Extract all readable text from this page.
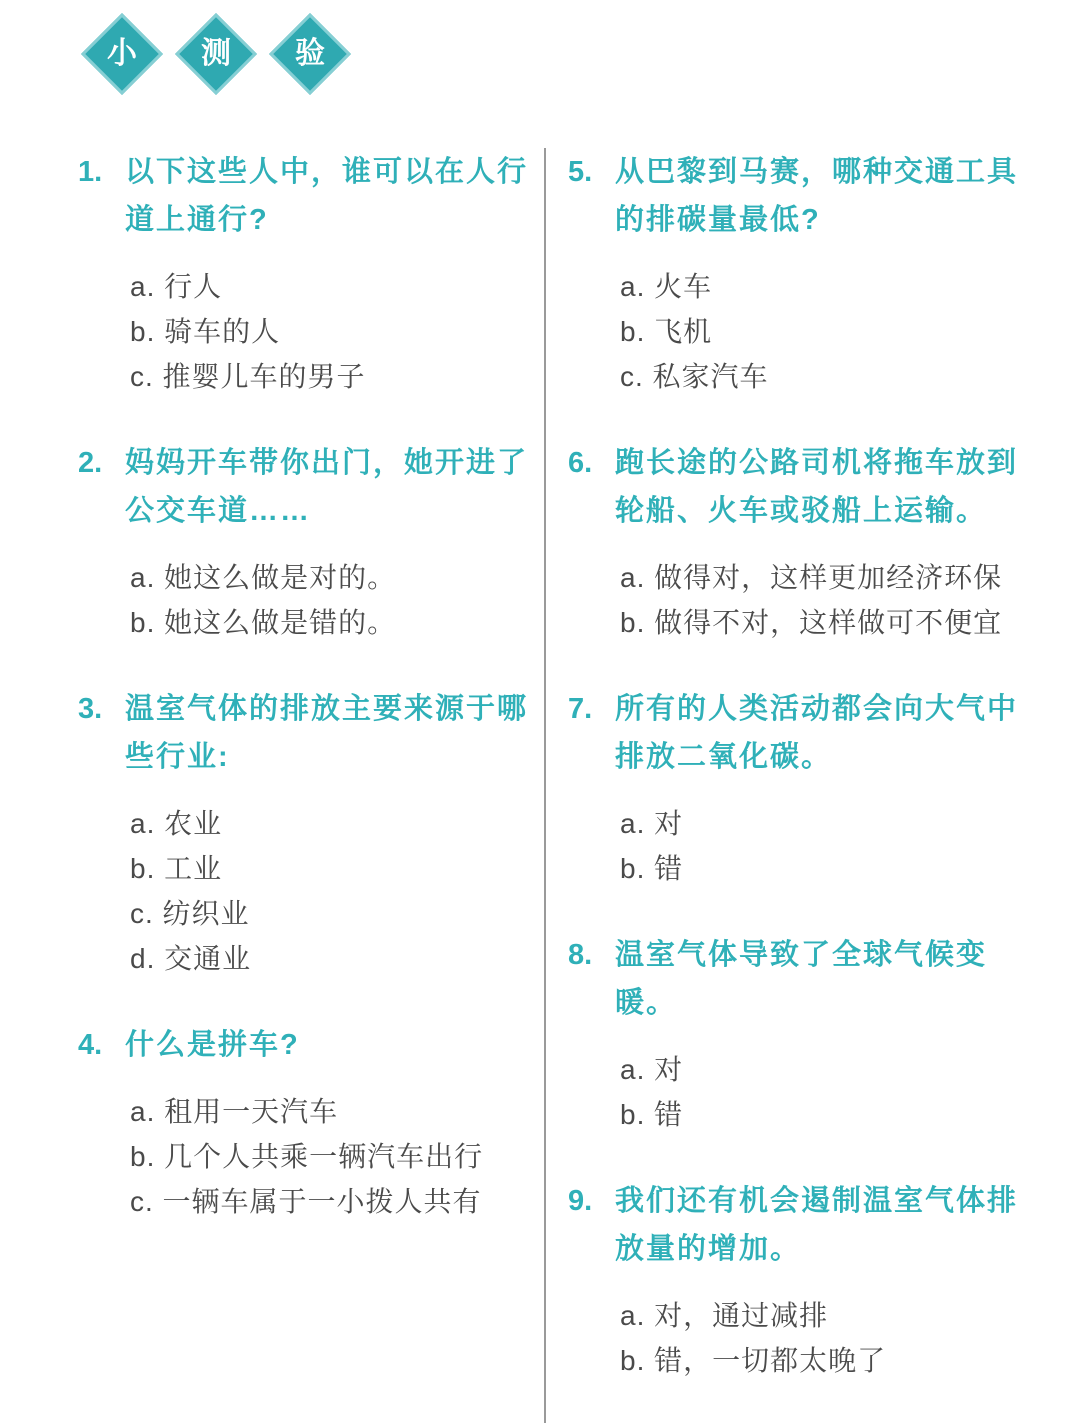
小 测 验
1. 以下这些人中，谁可以在人行
道上通行?
a. 行人
b. 骑车的人
c. 推婴儿车的男子
2. 妈妈开车带你出门，她开进了
公交车道……
a. 她这么做是对的。
b. 她这么做是错的。
3. 温室气体的排放主要来源于哪
些行业:
a. 农业
b. 工业
c. 纺织业
d. 交通业
4. 什么是拼车?
a. 租用一天汽车
b. 几个人共乘一辆汽车出行
c. 一辆车属于一小拨人共有
5. 从巴黎到马赛，哪种交通工具
的排碳量最低?
a. 火车
b. 飞机
c. 私家汽车
6. 跑长途的公路司机将拖车放到
轮船、火车或驳船上运输。
a. 做得对，这样更加经济环保
b. 做得不对，这样做可不便宜
7. 所有的人类活动都会向大气中
排放二氧化碳。
a. 对
b. 错
8. 温室气体导致了全球气候变暖。
a. 对
b. 错
9. 我们还有机会遏制温室气体排
放量的增加。
a. 对，通过减排
b. 错，一切都太晚了
